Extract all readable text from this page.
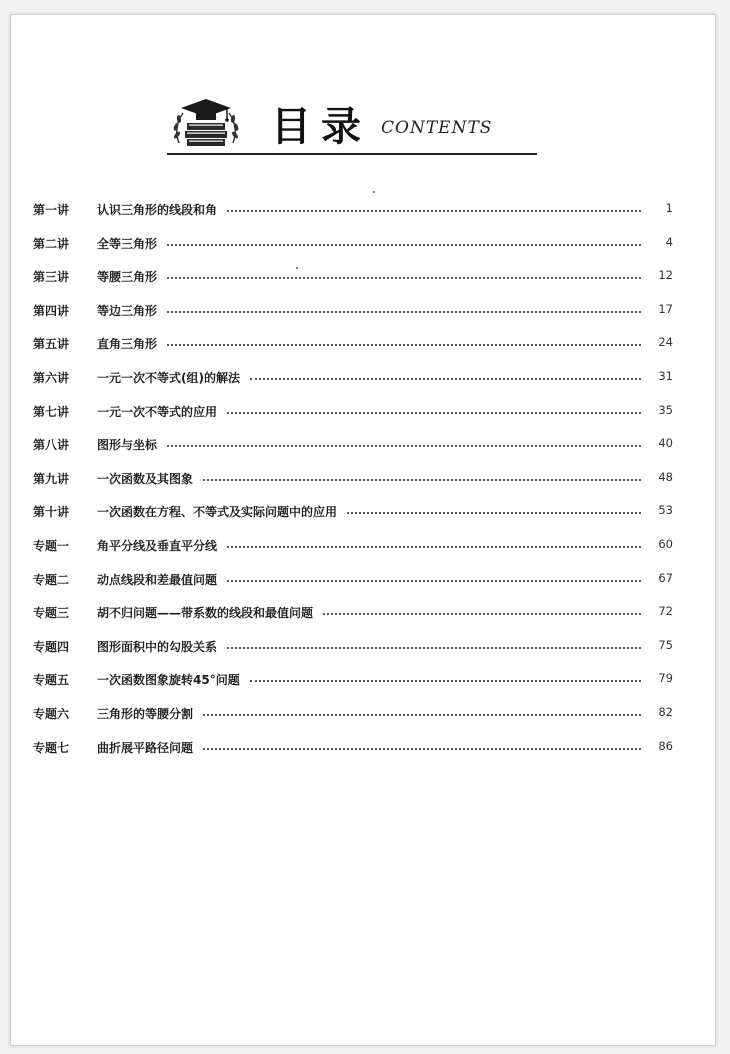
目录 CONTENTS
第一讲	认识三角形的线段和角	1
第二讲	全等三角形	4
第三讲	等腰三角形	12
第四讲	等边三角形	17
第五讲	直角三角形	24
第六讲	一元一次不等式(组)的解法	31
第七讲	一元一次不等式的应用	35
第八讲	图形与坐标	40
第九讲	一次函数及其图象	48
第十讲	一次函数在方程、不等式及实际问题中的应用	53
专题一	角平分线及垂直平分线	60
专题二	动点线段和差最值问题	67
专题三	胡不归问题——带系数的线段和最值问题	72
专题四	图形面积中的勾股关系	75
专题五	一次函数图象旋转45°问题	79
专题六	三角形的等腰分割	82
专题七	曲折展平路径问题	86
